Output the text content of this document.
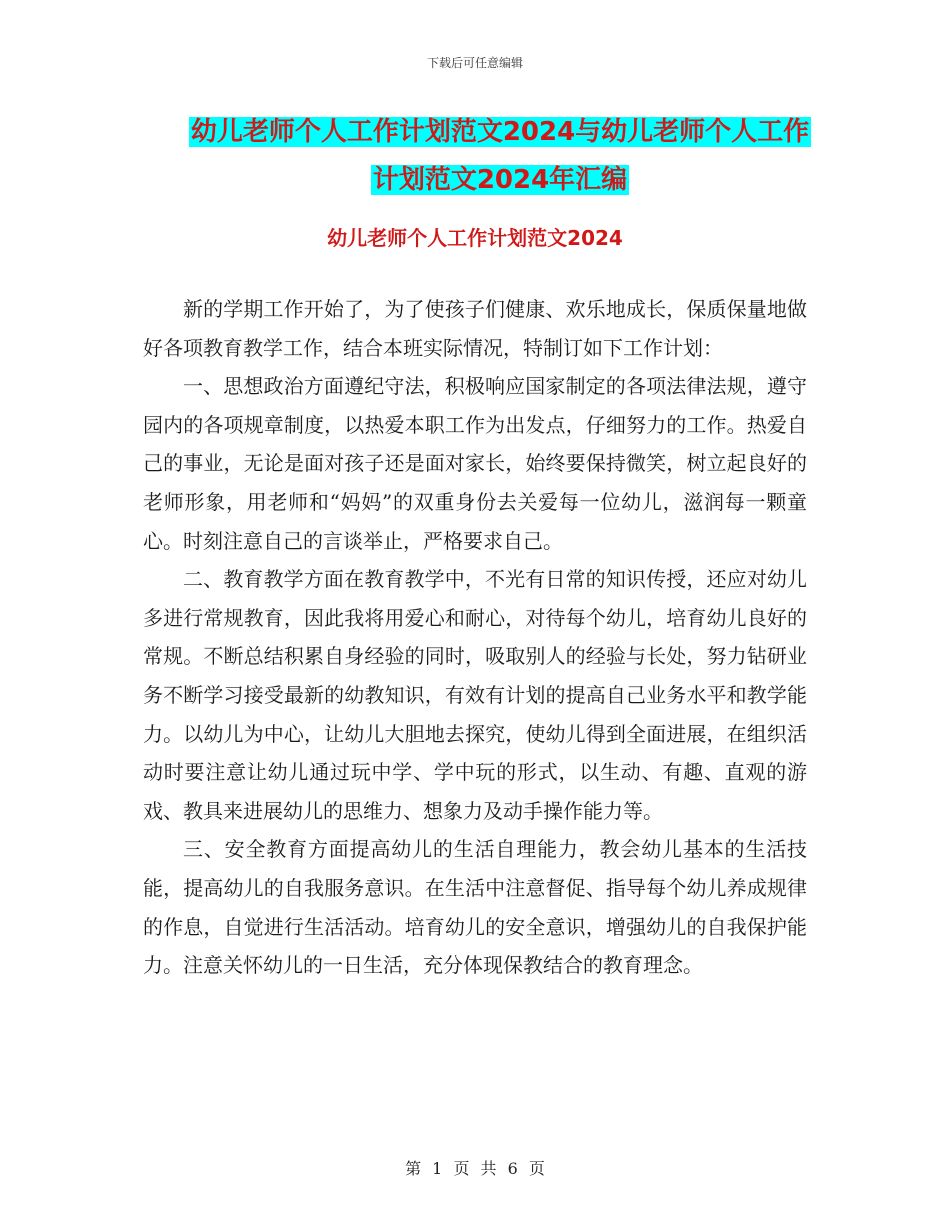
下载后可任意编辑
幼儿老师个人工作计划范文2024与幼儿老师个人工作
计划范文2024年汇编
幼儿老师个人工作计划范文2024

新的学期工作开始了，为了使孩子们健康、欢乐地成长，保质保量地做好各项教育教学工作，结合本班实际情况，特制订如下工作计划：

一、思想政治方面遵纪守法，积极响应国家制定的各项法律法规，遵守园内的各项规章制度，以热爱本职工作为出发点，仔细努力的工作。热爱自己的事业，无论是面对孩子还是面对家长，始终要保持微笑，树立起良好的老师形象，用老师和“妈妈”的双重身份去关爱每一位幼儿，滋润每一颗童心。时刻注意自己的言谈举止，严格要求自己。

二、教育教学方面在教育教学中，不光有日常的知识传授，还应对幼儿多进行常规教育，因此我将用爱心和耐心，对待每个幼儿，培育幼儿良好的常规。不断总结积累自身经验的同时，吸取别人的经验与长处，努力钻研业务不断学习接受最新的幼教知识，有效有计划的提高自己业务水平和教学能力。以幼儿为中心，让幼儿大胆地去探究，使幼儿得到全面进展，在组织活动时要注意让幼儿通过玩中学、学中玩的形式，以生动、有趣、直观的游戏、教具来进展幼儿的思维力、想象力及动手操作能力等。

三、安全教育方面提高幼儿的生活自理能力，教会幼儿基本的生活技能，提高幼儿的自我服务意识。在生活中注意督促、指导每个幼儿养成规律的作息，自觉进行生活活动。培育幼儿的安全意识，增强幼儿的自我保护能力。注意关怀幼儿的一日生活，充分体现保教结合的教育理念。

第 1 页 共 6 页
